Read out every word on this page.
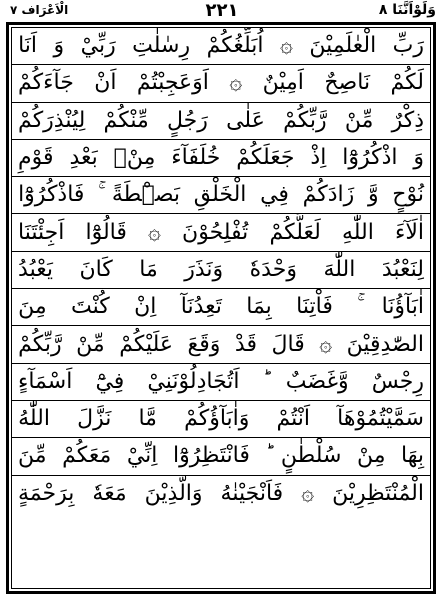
وَلَوْاَنَّنَا ٨
٢٢١
الْاَعْرَاف ٧
رَبِّ
الْعٰلَمِيْنَ
۞
اُبَلِّغُكُمْ
رِسٰلٰتِ
رَبِّيْ
وَ
اَنَا
لَكُمْ
نَاصِحٌ
اَمِيْنٌ
۞
اَوَعَجِبْتُمْ
اَنْ
جَآءَكُمْ
ذِكْرٌ
مِّنْ
رَّبِّكُمْ
عَلٰى
رَجُلٍ
مِّنْكُمْ
لِيُنْذِرَكُمْ
وَ
اذْكُرُوْٓا
اِذْ
جَعَلَكُمْ
خُلَفَآءَ
مِنْۢ
بَعْدِ
قَوْمِ
نُوْحٍ
وَّ
زَادَكُمْ
فِي
الْخَلْقِ
بَصْۜطَةً
فَاذْكُرُوْٓا
اٰلَآءَ
اللّٰهِ
لَعَلَّكُمْ
تُفْلِحُوْنَ
۞
قَالُوْٓا
اَجِئْتَنَا
لِنَعْبُدَ
اللّٰهَ
وَحْدَهٗ
وَنَذَرَ
مَا
كَانَ
يَعْبُدُ
اٰبَآؤُنَا
فَاْتِنَا
بِمَا
تَعِدُنَآ
اِنْ
كُنْتَ
مِنَ
الصّٰدِقِيْنَ
۞
قَالَ
قَدْ
وَقَعَ
عَلَيْكُمْ
مِّنْ
رَّبِّكُمْ
رِجْسٌ
وَّغَضَبٌ
اَتُجَادِلُوْنَنِيْ
فِيْٓ
اَسْمَآءٍ
سَمَّيْتُمُوْهَآ
اَنْتُمْ
وَاٰبَآؤُكُمْ
مَّا
نَزَّلَ
اللّٰهُ
بِهَا
مِنْ
سُلْطٰنٍ
فَانْتَظِرُوْٓا
اِنِّيْ
مَعَكُمْ
مِّنَ
الْمُنْتَظِرِيْنَ
۞
فَاَنْجَيْنٰهُ
وَالَّذِيْنَ
مَعَهٗ
بِرَحْمَةٍ
